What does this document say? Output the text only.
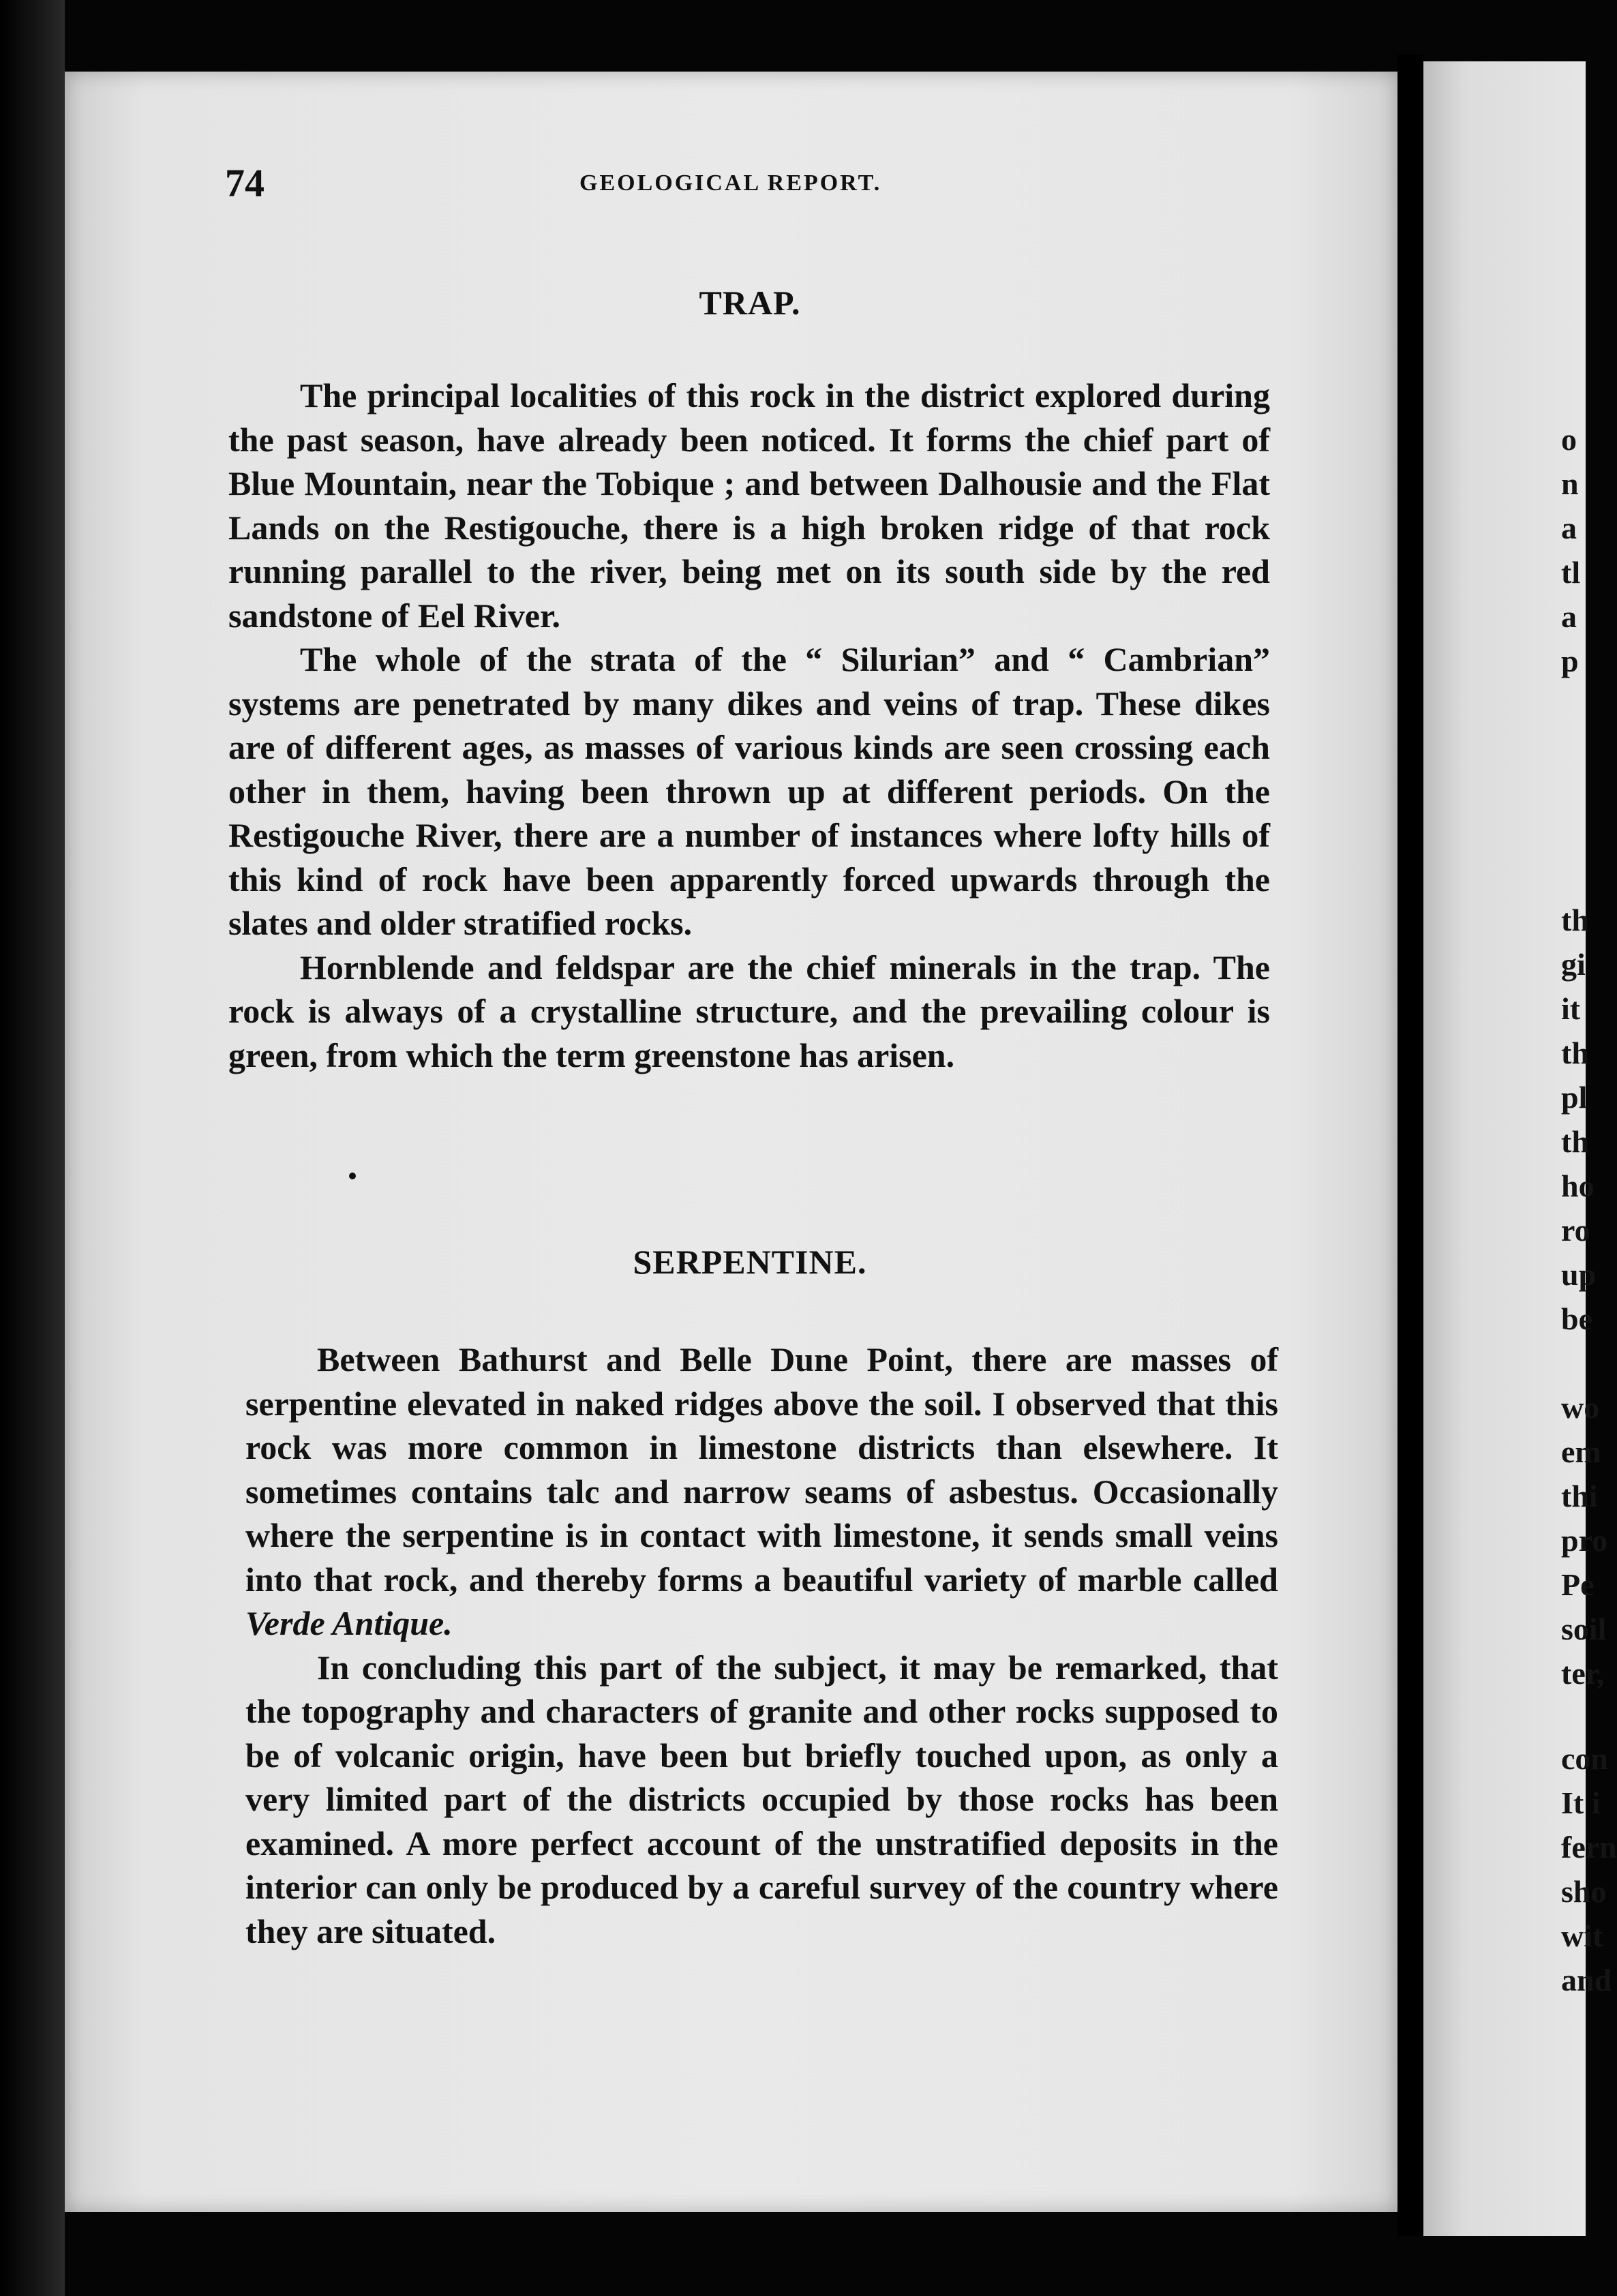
o
n
a
tl
a
p
th
gi
it
th
pl
th
ho
ro
up
be
wo
em
thi
pro
Pe
soil
ter,
con
It i
fern
sho
wit
and
74	GEOLOGICAL REPORT.
TRAP.

The principal localities of this rock in the district explored during the past season, have already been noticed. It forms the chief part of Blue Mountain, near the Tobique ; and between Dalhousie and the Flat Lands on the Restigouche, there is a high broken ridge of that rock running parallel to the river, being met on its south side by the red sandstone of Eel River.

The whole of the strata of the “ Silurian” and “ Cambrian” systems are penetrated by many dikes and veins of trap. These dikes are of different ages, as masses of various kinds are seen crossing each other in them, having been thrown up at different periods. On the Restigouche River, there are a number of instances where lofty hills of this kind of rock have been apparently forced upwards through the slates and older stratified rocks.

Hornblende and feldspar are the chief minerals in the trap. The rock is always of a crystalline structure, and the prevailing colour is green, from which the term greenstone has arisen.

SERPENTINE.

Between Bathurst and Belle Dune Point, there are masses of serpentine elevated in naked ridges above the soil. I observed that this rock was more common in limestone districts than elsewhere. It sometimes contains talc and narrow seams of asbestus. Occasionally where the serpentine is in contact with limestone, it sends small veins into that rock, and thereby forms a beautiful variety of marble called Verde Antique.

In concluding this part of the subject, it may be remarked, that the topography and characters of granite and other rocks supposed to be of volcanic origin, have been but briefly touched upon, as only a very limited part of the districts occupied by those rocks has been examined. A more perfect account of the unstratified deposits in the interior can only be produced by a careful survey of the country where they are situated.
